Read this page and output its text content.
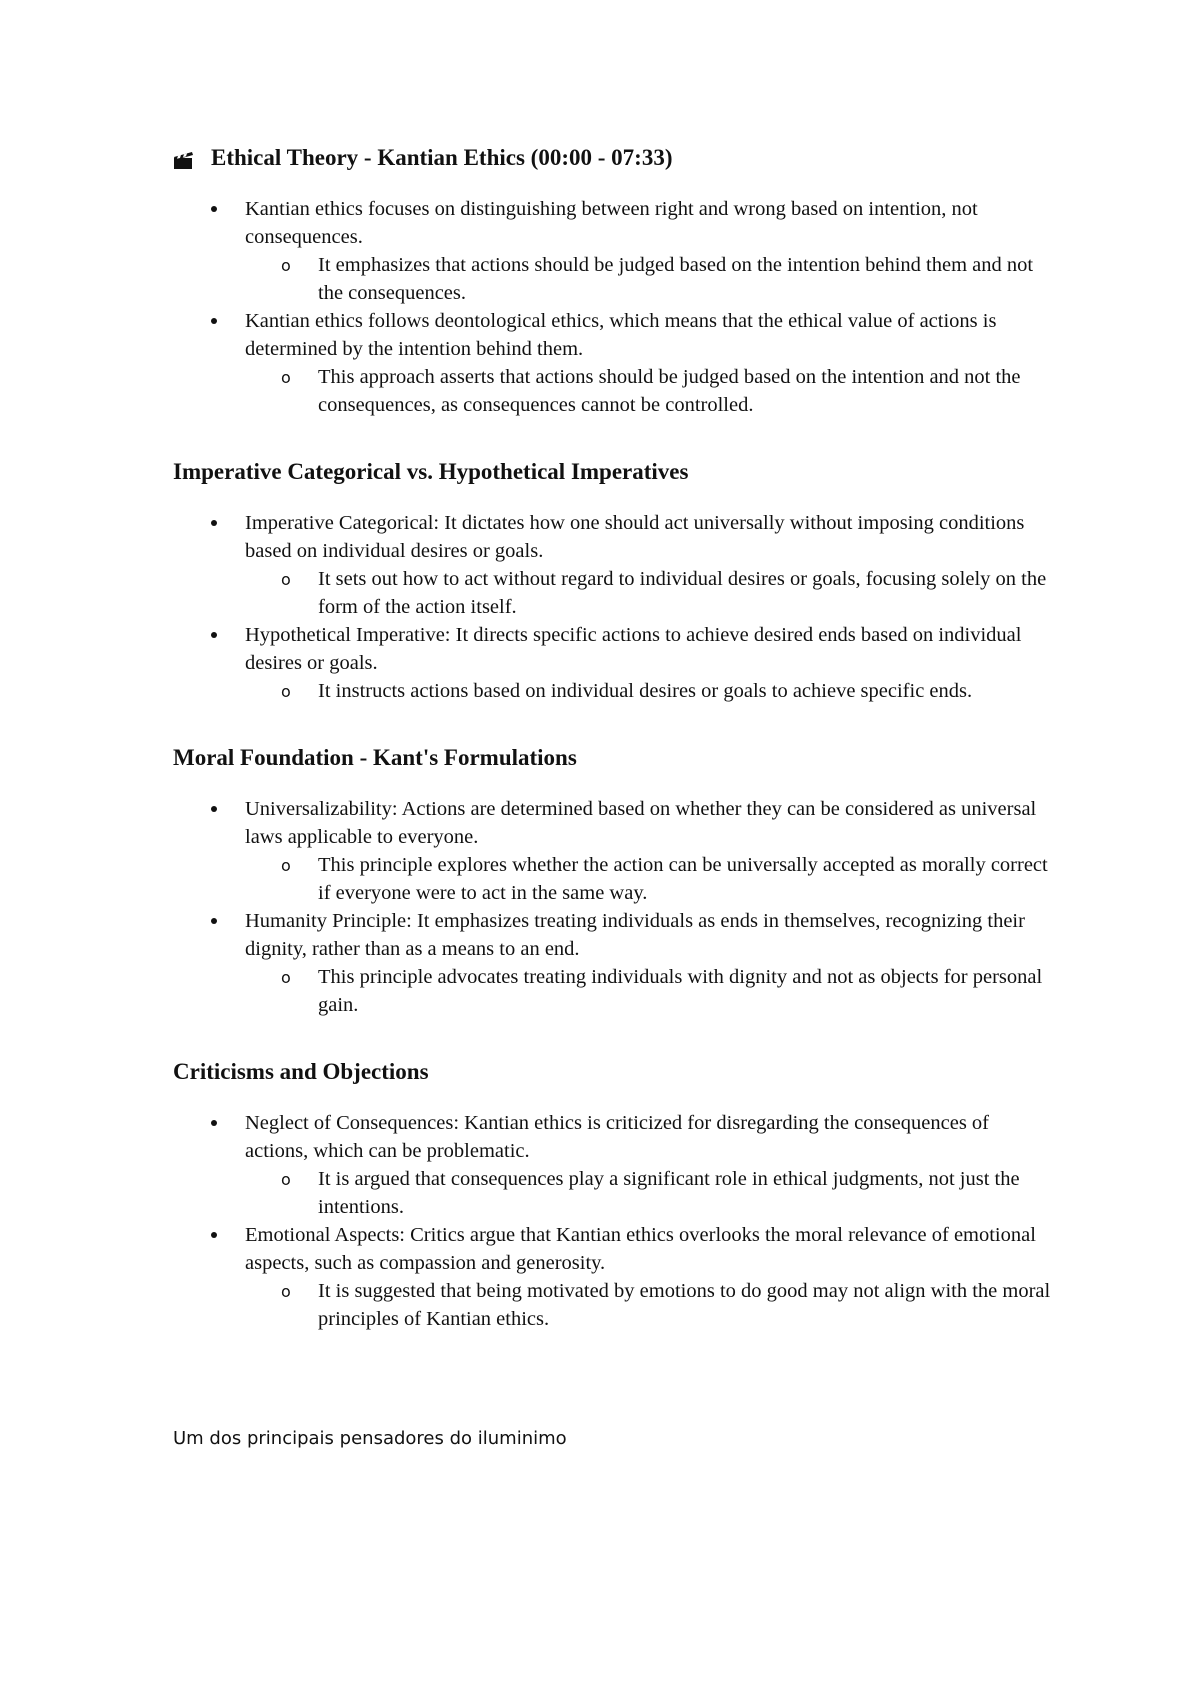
Ethical Theory - Kantian Ethics (00:00 - 07:33)
Kantian ethics focuses on distinguishing between right and wrong based on intention, not consequences.
o It emphasizes that actions should be judged based on the intention behind them and not the consequences.
Kantian ethics follows deontological ethics, which means that the ethical value of actions is determined by the intention behind them.
o This approach asserts that actions should be judged based on the intention and not the consequences, as consequences cannot be controlled.
Imperative Categorical vs. Hypothetical Imperatives
Imperative Categorical: It dictates how one should act universally without imposing conditions based on individual desires or goals.
o It sets out how to act without regard to individual desires or goals, focusing solely on the form of the action itself.
Hypothetical Imperative: It directs specific actions to achieve desired ends based on individual desires or goals.
o It instructs actions based on individual desires or goals to achieve specific ends.
Moral Foundation - Kant's Formulations
Universalizability: Actions are determined based on whether they can be considered as universal laws applicable to everyone.
o This principle explores whether the action can be universally accepted as morally correct if everyone were to act in the same way.
Humanity Principle: It emphasizes treating individuals as ends in themselves, recognizing their dignity, rather than as a means to an end.
o This principle advocates treating individuals with dignity and not as objects for personal gain.
Criticisms and Objections
Neglect of Consequences: Kantian ethics is criticized for disregarding the consequences of actions, which can be problematic.
o It is argued that consequences play a significant role in ethical judgments, not just the intentions.
Emotional Aspects: Critics argue that Kantian ethics overlooks the moral relevance of emotional aspects, such as compassion and generosity.
o It is suggested that being motivated by emotions to do good may not align with the moral principles of Kantian ethics.
Um dos principais pensadores do iluminimo
